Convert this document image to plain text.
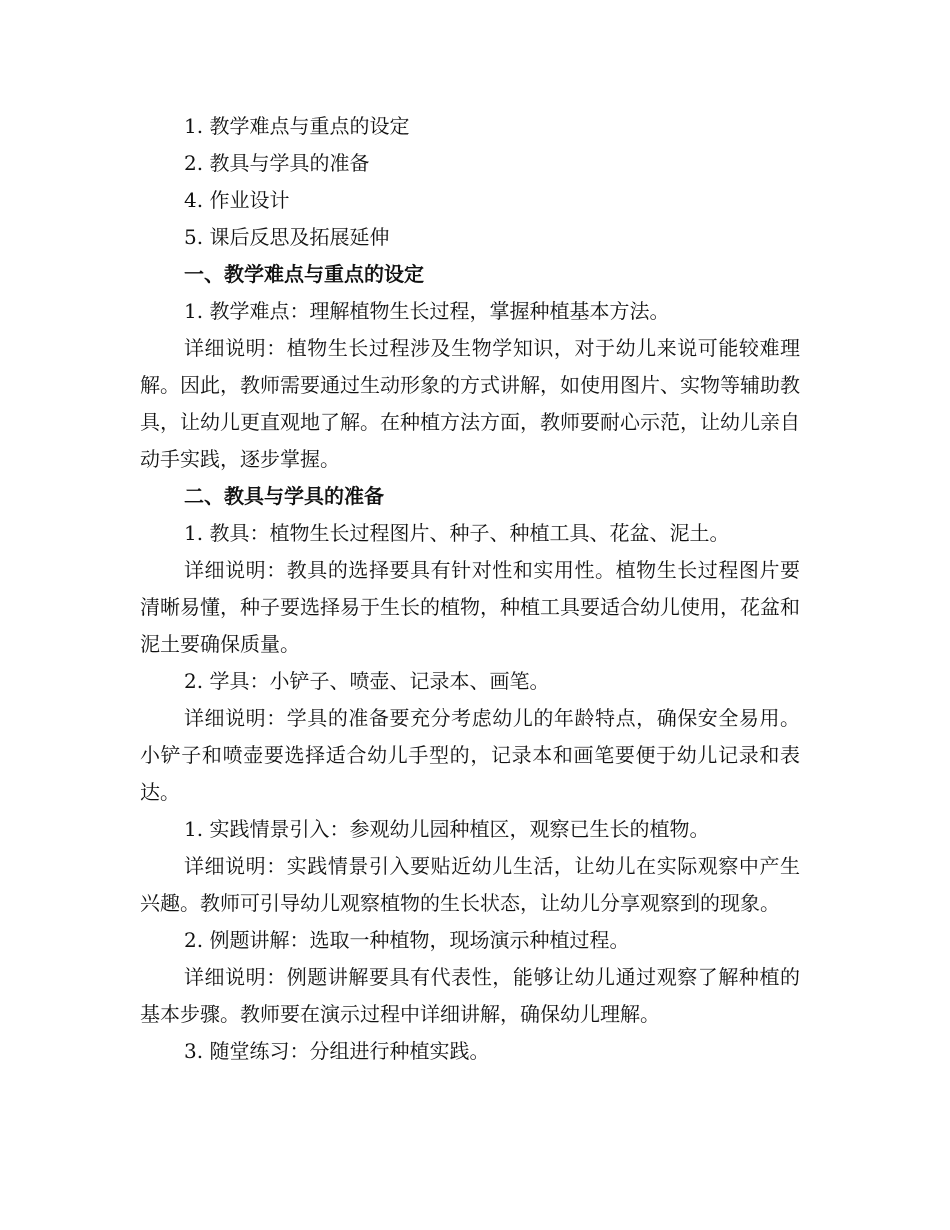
1. 教学难点与重点的设定

2. 教具与学具的准备

4. 作业设计

5. 课后反思及拓展延伸

一、教学难点与重点的设定

1. 教学难点：理解植物生长过程，掌握种植基本方法。

详细说明：植物生长过程涉及生物学知识，对于幼儿来说可能较难理解。因此，教师需要通过生动形象的方式讲解，如使用图片、实物等辅助教具，让幼儿更直观地了解。在种植方法方面，教师要耐心示范，让幼儿亲自动手实践，逐步掌握。

二、教具与学具的准备

1. 教具：植物生长过程图片、种子、种植工具、花盆、泥土。

详细说明：教具的选择要具有针对性和实用性。植物生长过程图片要清晰易懂，种子要选择易于生长的植物，种植工具要适合幼儿使用，花盆和泥土要确保质量。

2. 学具：小铲子、喷壶、记录本、画笔。

详细说明：学具的准备要充分考虑幼儿的年龄特点，确保安全易用。小铲子和喷壶要选择适合幼儿手型的，记录本和画笔要便于幼儿记录和表达。

1. 实践情景引入：参观幼儿园种植区，观察已生长的植物。

详细说明：实践情景引入要贴近幼儿生活，让幼儿在实际观察中产生兴趣。教师可引导幼儿观察植物的生长状态，让幼儿分享观察到的现象。

2. 例题讲解：选取一种植物，现场演示种植过程。

详细说明：例题讲解要具有代表性，能够让幼儿通过观察了解种植的基本步骤。教师要在演示过程中详细讲解，确保幼儿理解。

3. 随堂练习：分组进行种植实践。
